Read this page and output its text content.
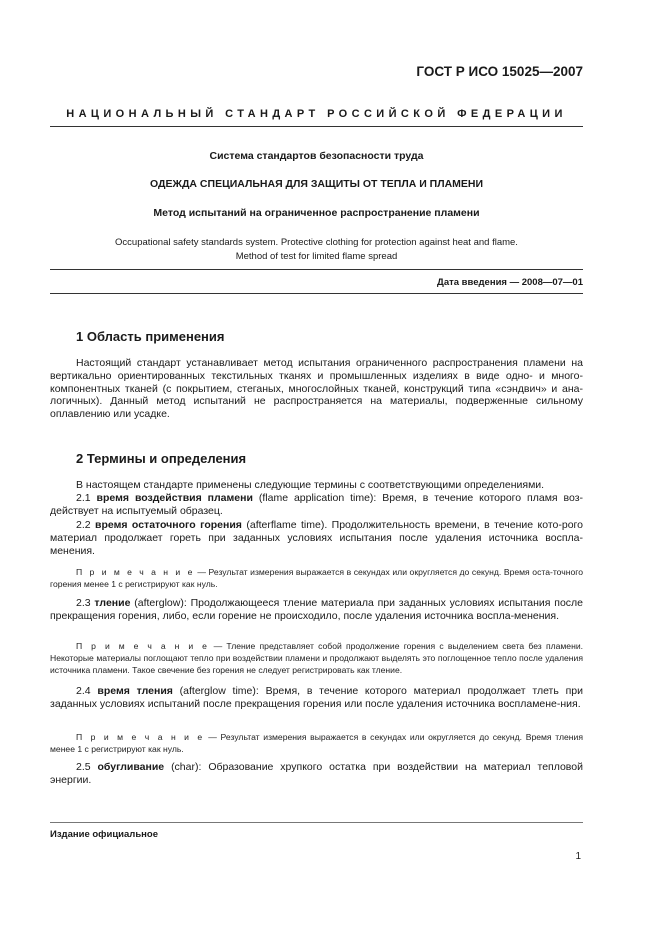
ГОСТ Р ИСО 15025—2007
НАЦИОНАЛЬНЫЙ СТАНДАРТ РОССИЙСКОЙ ФЕДЕРАЦИИ
Система стандартов безопасности труда
ОДЕЖДА СПЕЦИАЛЬНАЯ ДЛЯ ЗАЩИТЫ ОТ ТЕПЛА И ПЛАМЕНИ
Метод испытаний на ограниченное распространение пламени
Occupational safety standards system. Protective clothing for protection against heat and flame.
Method of test for limited flame spread
Дата введения — 2008—07—01
1 Область применения
Настоящий стандарт устанавливает метод испытания ограниченного распространения пламени на вертикально ориентированных текстильных тканях и промышленных изделиях в виде одно- и много-компонентных тканей (с покрытием, стеганых, многослойных тканей, конструкций типа «сэндвич» и ана-логичных). Данный метод испытаний не распространяется на материалы, подверженные сильному оплавлению или усадке.
2 Термины и определения
В настоящем стандарте применены следующие термины с соответствующими определениями.
2.1 время воздействия пламени (flame application time): Время, в течение которого пламя воз-действует на испытуемый образец.
2.2 время остаточного горения (afterflame time). Продолжительность времени, в течение кото-рого материал продолжает гореть при заданных условиях испытания после удаления источника воспла-менения.
П р и м е ч а н и е — Результат измерения выражается в секундах или округляется до секунд. Время оста-точного горения менее 1 с регистрируют как нуль.
2.3 тление (afterglow): Продолжающееся тление материала при заданных условиях испытания после прекращения горения, либо, если горение не происходило, после удаления источника воспла-менения.
П р и м е ч а н и е — Тление представляет собой продолжение горения с выделением света без пламени. Некоторые материалы поглощают тепло при воздействии пламени и продолжают выделять это поглощенное тепло после удаления источника пламени. Такое свечение без горения не следует регистрировать как тление.
2.4 время тления (afterglow time): Время, в течение которого материал продолжает тлеть при заданных условиях испытаний после прекращения горения или после удаления источника воспламене-ния.
П р и м е ч а н и е — Результат измерения выражается в секундах или округляется до секунд. Время тления менее 1 с регистрируют как нуль.
2.5 обугливание (char): Образование хрупкого остатка при воздействии на материал тепловой энергии.
Издание официальное
1
